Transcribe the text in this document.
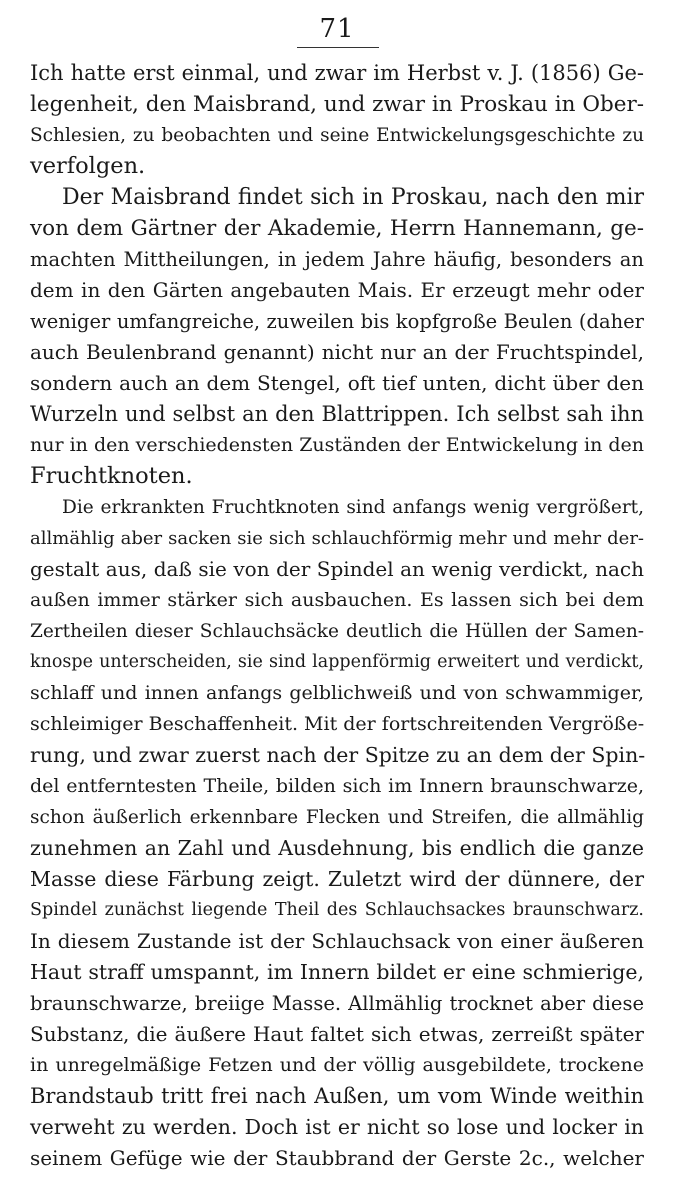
71
Ich hatte erst einmal, und zwar im Herbst v. J. (1856) Ge-
legenheit, den Maisbrand, und zwar in Proskau in Ober-
Schlesien, zu beobachten und seine Entwickelungsgeschichte zu
verfolgen.
Der Maisbrand findet sich in Proskau, nach den mir
von dem Gärtner der Akademie, Herrn Hannemann, ge-
machten Mittheilungen, in jedem Jahre häufig, besonders an
dem in den Gärten angebauten Mais. Er erzeugt mehr oder
weniger umfangreiche, zuweilen bis kopfgroße Beulen (daher
auch Beulenbrand genannt) nicht nur an der Fruchtspindel,
sondern auch an dem Stengel, oft tief unten, dicht über den
Wurzeln und selbst an den Blattrippen. Ich selbst sah ihn
nur in den verschiedensten Zuständen der Entwickelung in den
Fruchtknoten.
Die erkrankten Fruchtknoten sind anfangs wenig vergrößert,
allmählig aber sacken sie sich schlauchförmig mehr und mehr der-
gestalt aus, daß sie von der Spindel an wenig verdickt, nach
außen immer stärker sich ausbauchen. Es lassen sich bei dem
Zertheilen dieser Schlauchsäcke deutlich die Hüllen der Samen-
knospe unterscheiden, sie sind lappenförmig erweitert und verdickt,
schlaff und innen anfangs gelblichweiß und von schwammiger,
schleimiger Beschaffenheit. Mit der fortschreitenden Vergröße-
rung, und zwar zuerst nach der Spitze zu an dem der Spin-
del entferntesten Theile, bilden sich im Innern braunschwarze,
schon äußerlich erkennbare Flecken und Streifen, die allmählig
zunehmen an Zahl und Ausdehnung, bis endlich die ganze
Masse diese Färbung zeigt. Zuletzt wird der dünnere, der
Spindel zunächst liegende Theil des Schlauchsackes braunschwarz.
In diesem Zustande ist der Schlauchsack von einer äußeren
Haut straff umspannt, im Innern bildet er eine schmierige,
braunschwarze, breiige Masse. Allmählig trocknet aber diese
Substanz, die äußere Haut faltet sich etwas, zerreißt später
in unregelmäßige Fetzen und der völlig ausgebildete, trockene
Brandstaub tritt frei nach Außen, um vom Winde weithin
verweht zu werden. Doch ist er nicht so lose und locker in
seinem Gefüge wie der Staubbrand der Gerste 2c., welcher
